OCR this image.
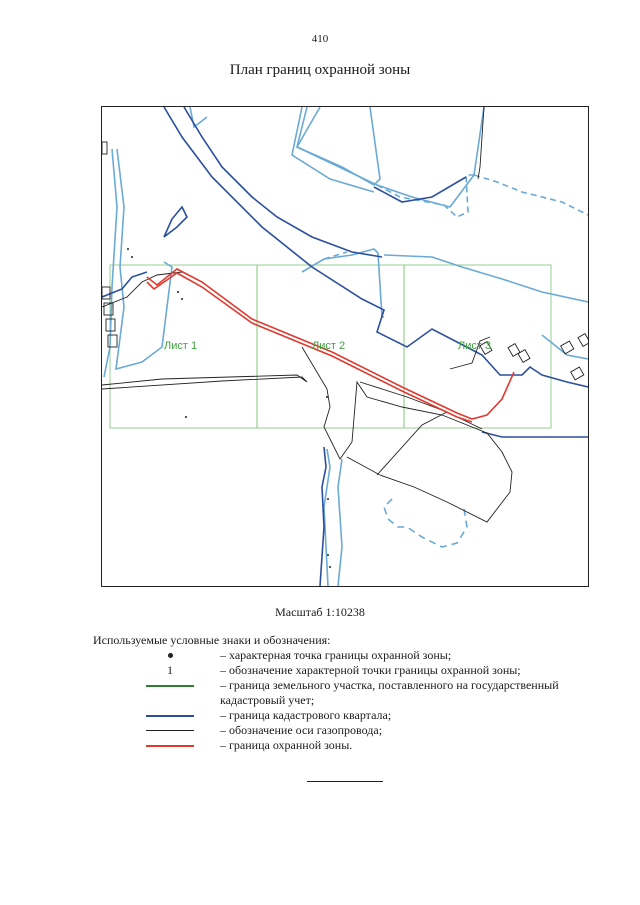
410
План границ охранной зоны
Лист 1	Лист 2	Лист 3
Масштаб 1:10238
Используемые условные знаки и обозначения:
– характерная точка границы охранной зоны;
1	– обозначение характерной точки границы охранной зоны;
– граница земельного участка, поставленного на государственный кадастровый учет;
– граница кадастрового квартала;
– обозначение оси газопровода;
– граница охранной зоны.
